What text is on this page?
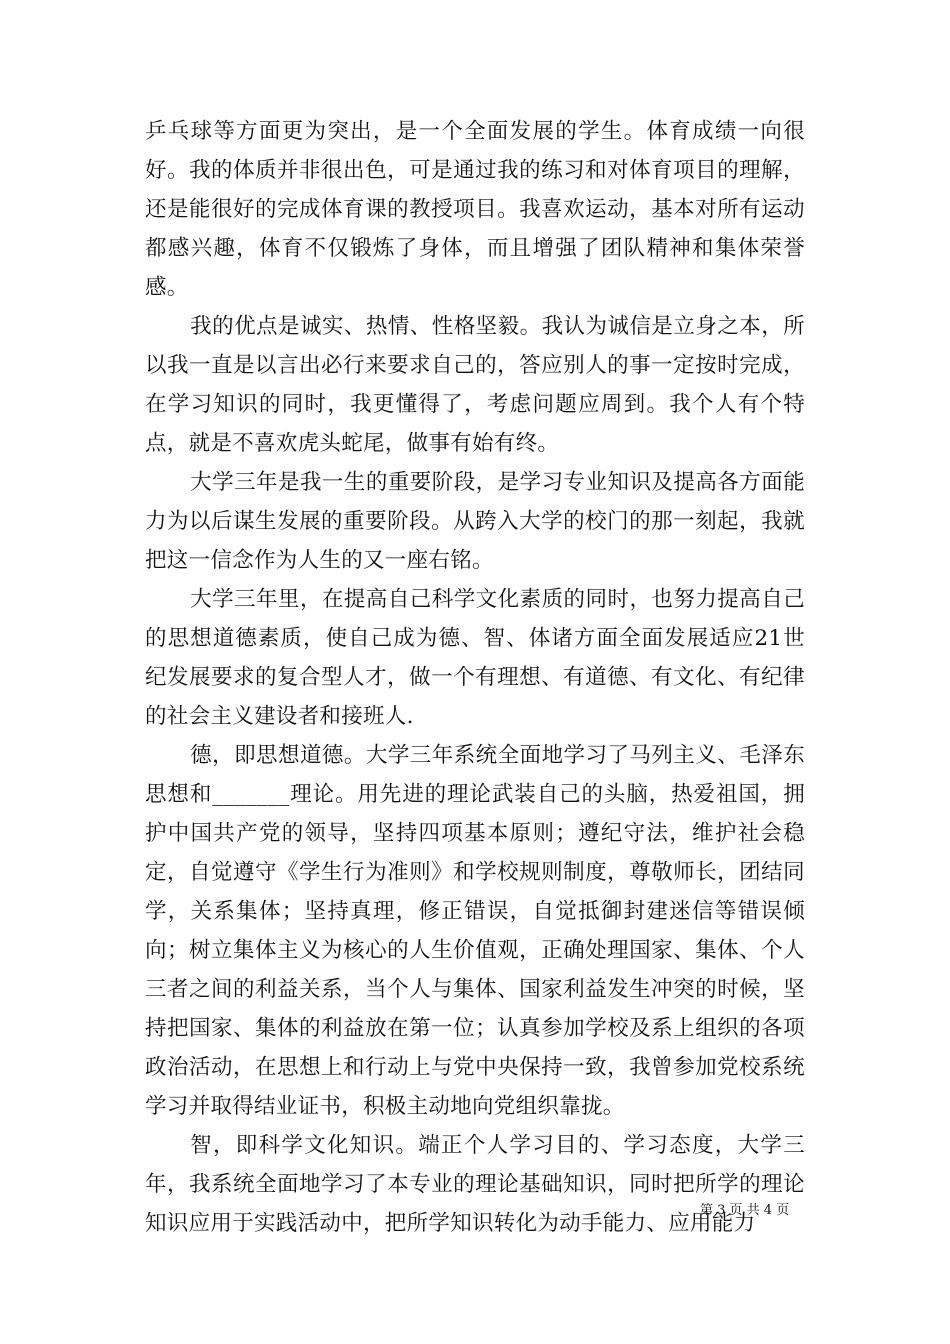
乒乓球等方面更为突出，是一个全面发展的学生。体育成绩一向很好。我的体质并非很出色，可是通过我的练习和对体育项目的理解，还是能很好的完成体育课的教授项目。我喜欢运动，基本对所有运动都感兴趣，体育不仅锻炼了身体，而且增强了团队精神和集体荣誉感。

我的优点是诚实、热情、性格坚毅。我认为诚信是立身之本，所以我一直是以言出必行来要求自己的，答应别人的事一定按时完成，在学习知识的同时，我更懂得了，考虑问题应周到。我个人有个特点，就是不喜欢虎头蛇尾，做事有始有终。

大学三年是我一生的重要阶段，是学习专业知识及提高各方面能力为以后谋生发展的重要阶段。从跨入大学的校门的那一刻起，我就把这一信念作为人生的又一座右铭。

大学三年里，在提高自己科学文化素质的同时，也努力提高自己的思想道德素质，使自己成为德、智、体诸方面全面发展适应21世纪发展要求的复合型人才，做一个有理想、有道德、有文化、有纪律的社会主义建设者和接班人.

德，即思想道德。大学三年系统全面地学习了马列主义、毛泽东思想和_______理论。用先进的理论武装自己的头脑，热爱祖国，拥护中国共产党的领导，坚持四项基本原则；遵纪守法，维护社会稳定，自觉遵守《学生行为准则》和学校规则制度，尊敬师长，团结同学，关系集体；坚持真理，修正错误，自觉抵御封建迷信等错误倾向；树立集体主义为核心的人生价值观，正确处理国家、集体、个人三者之间的利益关系，当个人与集体、国家利益发生冲突的时候，坚持把国家、集体的利益放在第一位；认真参加学校及系上组织的各项政治活动，在思想上和行动上与党中央保持一致，我曾参加党校系统学习并取得结业证书，积极主动地向党组织靠拢。

智，即科学文化知识。端正个人学习目的、学习态度，大学三年，我系统全面地学习了本专业的理论基础知识，同时把所学的理论知识应用于实践活动中，把所学知识转化为动手能力、应用能力

第 3 页 共 4 页
